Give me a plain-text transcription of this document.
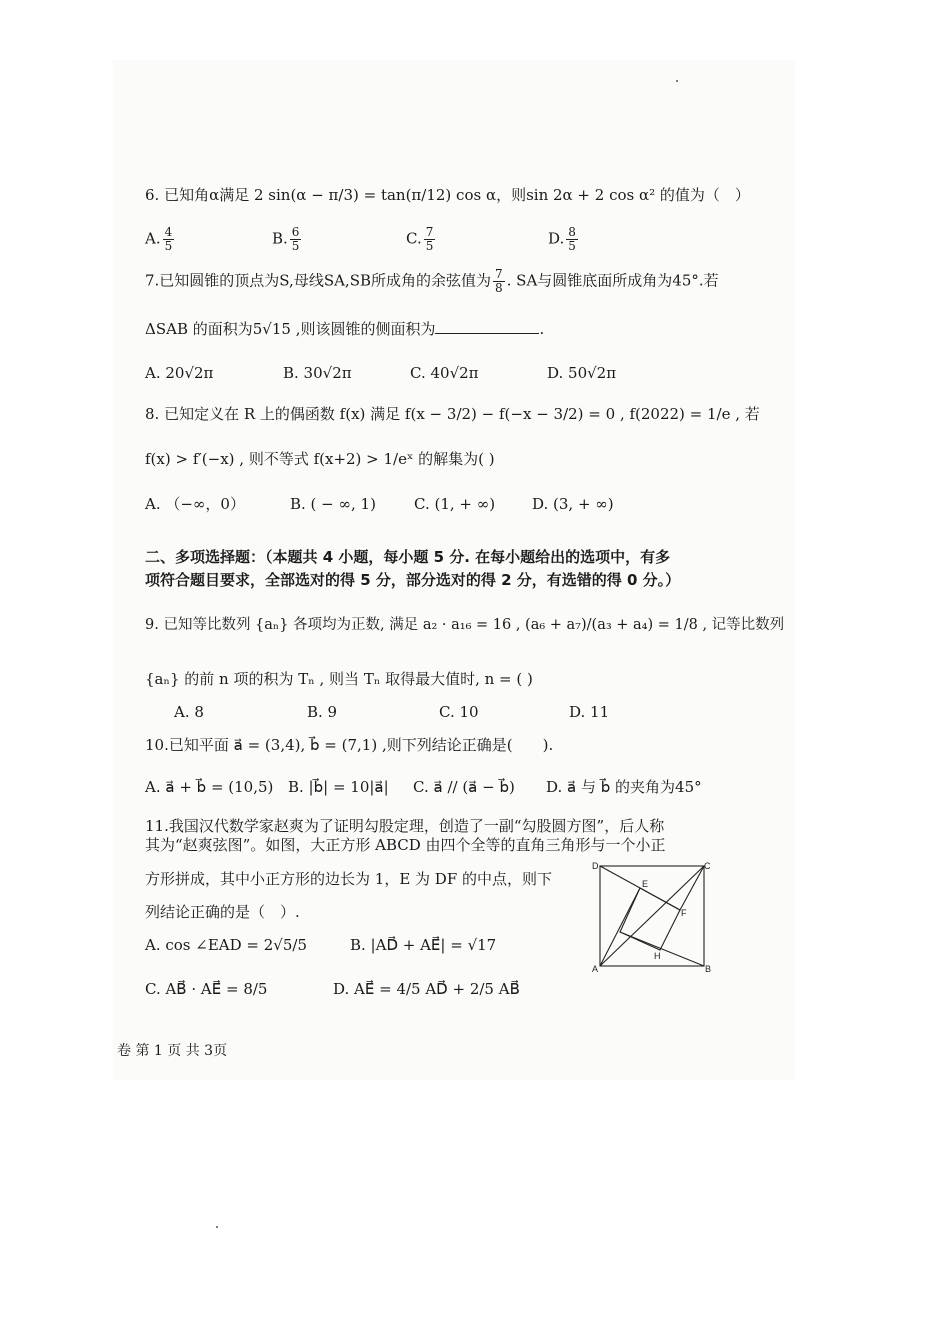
6. 已知角α满足 2 sin(α − π/3) = tan(π/12) cos α，则sin 2α + 2 cos α² 的值为（　）
A. $\frac{4}{5}$	B. $\frac{6}{5}$	C. $\frac{7}{5}$	D. $\frac{8}{5}$
7.已知圆锥的顶点为S,母线SA,SB所成角的余弦值为 $\frac{7}{8}$ . SA与圆锥底面所成角为45°.若
ΔSAB 的面积为5√15 ,则该圆锥的侧面积为	.
A. 20√2π	B. 30√2π	C. 40√2π	D. 50√2π
8. 已知定义在 R 上的偶函数 f(x) 满足 f(x − 3/2) − f(−x − 3/2) = 0 , f(2022) = 1/e , 若
f(x) > f′(−x) , 则不等式 f(x+2) > 1/eˣ 的解集为( )
A. （−∞，0）	B. ( − ∞, 1)	C. (1, + ∞) D. (3, + ∞)
二、多项选择题：（本题共 4 小题，每小题 5 分. 在每小题给出的选项中，有多
项符合题目要求，全部选对的得 5 分，部分选对的得 2 分，有选错的得 0 分。）
9. 已知等比数列 {aₙ} 各项均为正数, 满足 a₂ · a₁₆ = 16 , (a₆ + a₇)/(a₃ + a₄) = 1/8 , 记等比数列
{aₙ} 的前 n 项的积为 Tₙ , 则当 Tₙ 取得最大值时, n = ( )
A. 8	B. 9	C. 10	D. 11
10.已知平面 a⃗ = (3,4), b⃗ = (7,1) ,则下列结论正确是(　　).
A. a⃗ + b⃗ = (10,5) B. |b⃗| = 10|a⃗| C. a⃗ // (a⃗ − b⃗) D. a⃗ 与 b⃗ 的夹角为45°
11.我国汉代数学家赵爽为了证明勾股定理，创造了一副“勾股圆方图”，后人称
其为“赵爽弦图”。如图，大正方形 ABCD 由四个全等的直角三角形与一个小正
方形拼成，其中小正方形的边长为 1，E 为 DF 的中点，则下
列结论正确的是（　）.
A. cos ∠EAD = 2√5/5	B. |AD⃗ + AE⃗| = √17
C. AB⃗ · AE⃗ = 8/5	D. AE⃗ = 4/5 AD⃗ + 2/5 AB⃗
A	B
C
D
E
F
H
卷 第 1 页 共 3页
